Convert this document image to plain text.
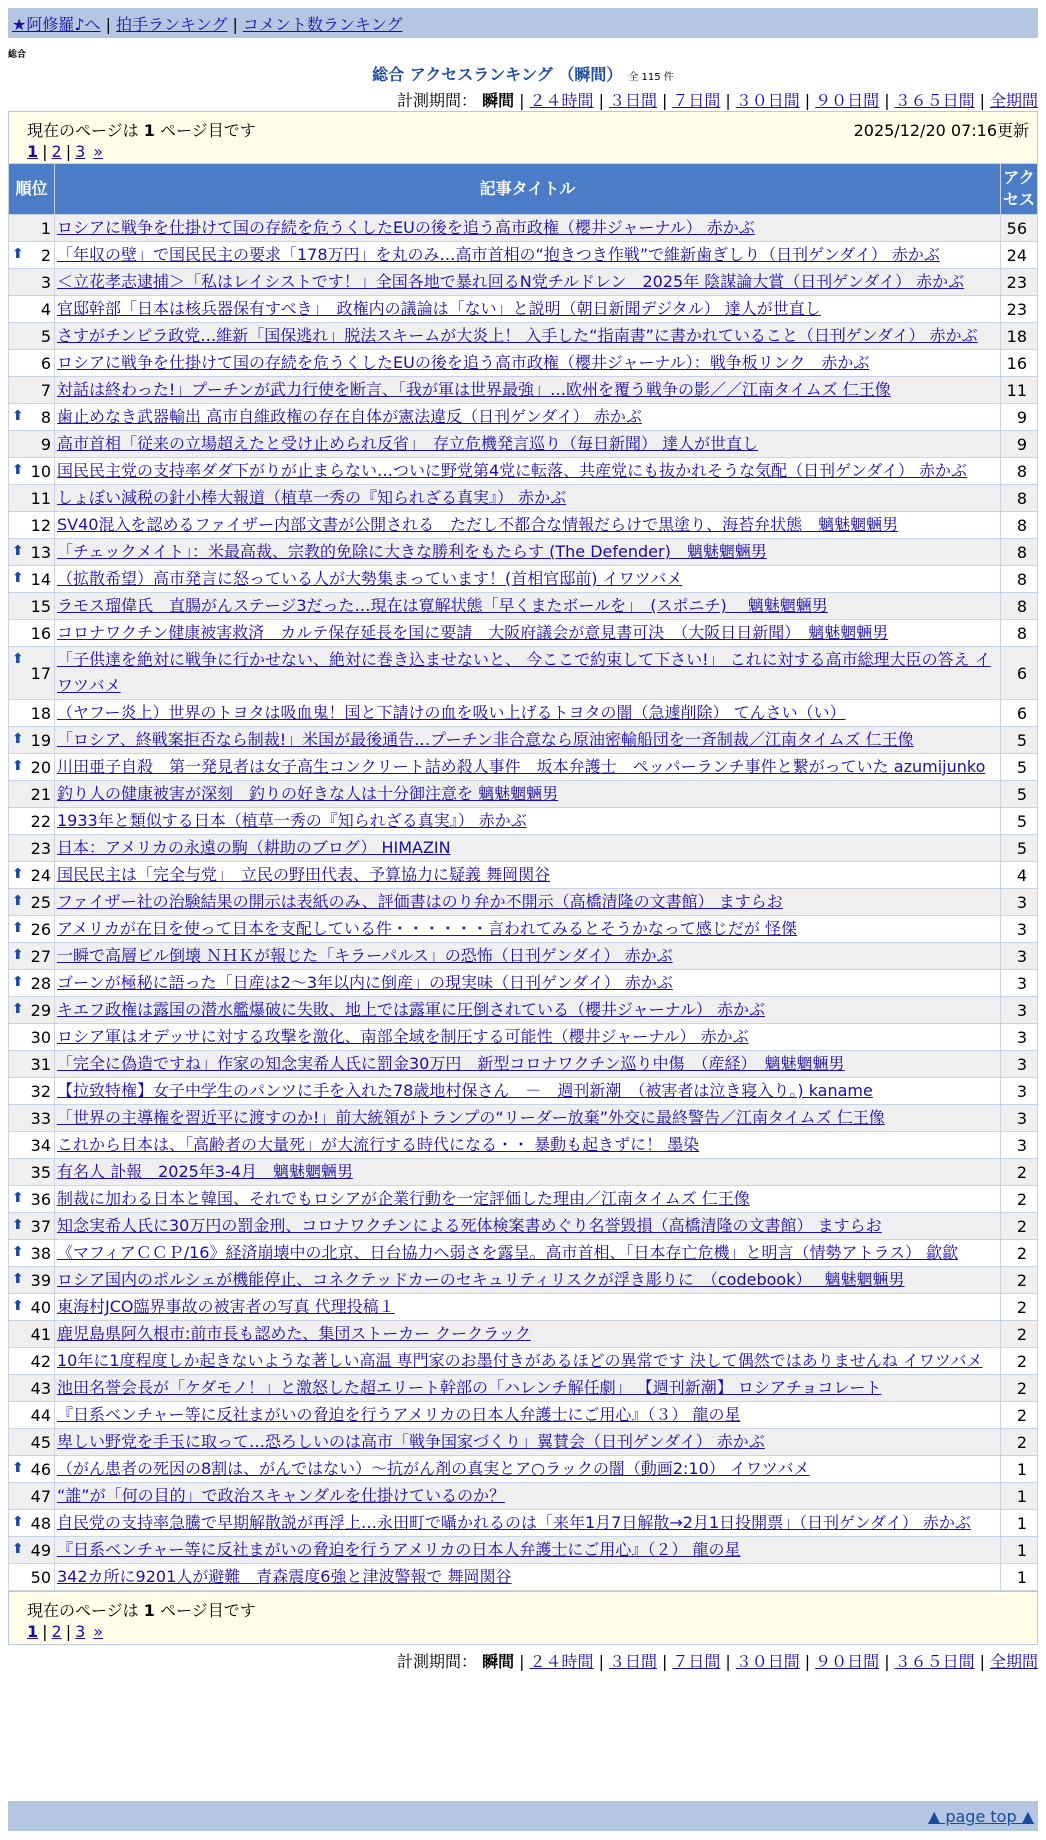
★阿修羅♪へ | 拍手ランキング | コメント数ランキング
総合
総合 アクセスランキング （瞬間） 全 115 件
計測期間： 瞬間 | ２４時間 | ３日間 | ７日間 | ３０日間 | ９０日間 | ３６５日間 | 全期間
現在のページは 1 ページ目です	2025/12/20 07:16更新
1 | 2 | 3 »
順位	記事タイトル	アクセス
1	ロシアに戦争を仕掛けて国の存続を危うくしたEUの後を追う高市政権（櫻井ジャーナル） 赤かぶ	56

⬆ 2	「年収の壁」で国民民主の要求「178万円」を丸のみ…高市首相の“抱きつき作戦”で維新歯ぎしり（日刊ゲンダイ） 赤かぶ	24
3	＜立花孝志逮捕＞「私はレイシストです！」全国各地で暴れ回るN党チルドレン　2025年 陰謀論大賞（日刊ゲンダイ） 赤かぶ	23
4	官邸幹部「日本は核兵器保有すべき」　政権内の議論は「ない」と説明（朝日新聞デジタル） 達人が世直し	23
5	さすがチンピラ政党…維新「国保逃れ」脱法スキームが大炎上！ 入手した“指南書”に書かれていること（日刊ゲンダイ） 赤かぶ	18
6	ロシアに戦争を仕掛けて国の存続を危うくしたEUの後を追う高市政権（櫻井ジャーナル）：戦争板リンク　赤かぶ	16
7	対話は終わった!」プーチンが武力行使を断言、「我が軍は世界最強」…欧州を覆う戦争の影／／江南タイムズ 仁王像	11

⬆ 8	歯止めなき武器輸出 高市自維政権の存在自体が憲法違反（日刊ゲンダイ） 赤かぶ	9
9	高市首相「従来の立場超えたと受け止められ反省」　存立危機発言巡り（毎日新聞） 達人が世直し	9

⬆ 10	国民民主党の支持率ダダ下がりが止まらない…ついに野党第4党に転落、共産党にも抜かれそうな気配（日刊ゲンダイ） 赤かぶ	8
11	しょぼい減税の針小棒大報道（植草一秀の『知られざる真実』） 赤かぶ	8
12	SV40混入を認めるファイザー内部文書が公開される　ただし不都合な情報だらけで黒塗り、海苔弁状態　魑魅魍魎男	8

⬆ 13	「チェックメイト」：米最高裁、宗教的免除に大きな勝利をもたらす (The Defender)　魑魅魍魎男	8

⬆ 14	（拡散希望）高市発言に怒っている人が大勢集まっています！(首相官邸前) イワツバメ	8
15	ラモス瑠偉氏　直腸がんステージ3だった…現在は寛解状態「早くまたボールを」　(スポニチ)　 魑魅魍魎男	8
16	コロナワクチン健康被害救済　カルテ保存延長を国に要請　大阪府議会が意見書可決　（大阪日日新聞）　魑魅魍魎男	8

⬆
17	「子供達を絶対に戦争に行かせない、絶対に巻き込ませないと、 今ここで約束して下さい!」 これに対する高市総理大臣の答え イワツバメ	6
18	（ヤフー炎上）世界のトヨタは吸血鬼！国と下請けの血を吸い上げるトヨタの闇（急遽削除） てんさい（い）	6

⬆ 19	「ロシア、終戦案拒否なら制裁!」米国が最後通告…プーチン非合意なら原油密輸船団を一斉制裁／江南タイムズ 仁王像	5

⬆ 20	川田亜子自殺　第一発見者は女子高生コンクリート詰め殺人事件　坂本弁護士　ペッパーランチ事件と繋がっていた azumijunko	5
21	釣り人の健康被害が深刻　釣りの好きな人は十分御注意を 魑魅魍魎男	5
22	1933年と類似する日本（植草一秀の『知られざる真実』） 赤かぶ	5
23	日本：アメリカの永遠の駒（耕助のブログ） HIMAZIN	5

⬆ 24	国民民主は「完全与党」　立民の野田代表、予算協力に疑義 舞岡関谷	4

⬆ 25	ファイザー社の治験結果の開示は表紙のみ、評価書はのり弁か不開示（高橋清隆の文書館） ますらお	3

⬆ 26	アメリカが在日を使って日本を支配している件・・・・・・言われてみるとそうかなって感じだが 怪傑	3

⬆ 27	一瞬で高層ビル倒壊 ＮＨＫが報じた「キラーパルス」の恐怖（日刊ゲンダイ） 赤かぶ	3

⬆ 28	ゴーンが極秘に語った「日産は2～3年以内に倒産」の現実味（日刊ゲンダイ） 赤かぶ	3

⬆ 29	キエフ政権は露国の潜水艦爆破に失敗、地上では露軍に圧倒されている（櫻井ジャーナル） 赤かぶ	3
30	ロシア軍はオデッサに対する攻撃を激化、南部全域を制圧する可能性（櫻井ジャーナル） 赤かぶ	3
31	「完全に偽造ですね」作家の知念実希人氏に罰金30万円　新型コロナワクチン巡り中傷　（産経）　魑魅魍魎男	3
32	【拉致特権】女子中学生のパンツに手を入れた78歳地村保さん　－　週刊新潮　（被害者は泣き寝入り。) kaname	3
33	「世界の主導権を習近平に渡すのか!」前大統領がトランプの“リーダー放棄”外交に最終警告／江南タイムズ 仁王像	3
34	これから日本は、「高齢者の大量死」が大流行する時代になる・・ 暴動も起きずに！ 墨染	3
35	有名人 訃報　2025年3-4月　魑魅魍魎男	2

⬆ 36	制裁に加わる日本と韓国、それでもロシアが企業行動を一定評価した理由／江南タイムズ 仁王像	2

⬆ 37	知念実希人氏に30万円の罰金刑、コロナワクチンによる死体検案書めぐり名誉毀損（高橋清隆の文書館） ますらお	2

⬆ 38	《マフィアＣＣＰ/16》経済崩壊中の北京、日台協力へ弱さを露呈。高市首相、「日本存亡危機」と明言（情勢アトラス） 歙歙	2

⬆ 39	ロシア国内のポルシェが機能停止、コネクテッドカーのセキュリティリスクが浮き彫りに　（codebook）　 魑魅魍魎男	2

⬆ 40	東海村JCO臨界事故の被害者の写真 代理投稿１	2
41	鹿児島県阿久根市:前市長も認めた、集団ストーカー クークラック	2
42	10年に1度程度しか起きないような著しい高温 専門家のお墨付きがあるほどの異常です 決して偶然ではありませんね イワツバメ	2
43	池田名誉会長が「ケダモノ！」と激怒した超エリート幹部の「ハレンチ解任劇」 【週刊新潮】 ロシアチョコレート	2
44	『日系ベンチャー等に反社まがいの脅迫を行うアメリカの日本人弁護士にご用心』（３） 龍の星	2
45	卑しい野党を手玉に取って…恐ろしいのは高市「戦争国家づくり」翼賛会（日刊ゲンダイ） 赤かぶ	2

⬆ 46	（がん患者の死因の8割は、がんではない）～抗がん剤の真実とア○ラックの闇（動画2:10） イワツバメ	1
47	“誰”が「何の目的」で政治スキャンダルを仕掛けているのか？	1

⬆ 48	自民党の支持率急騰で早期解散説が再浮上…永田町で囁かれるのは「来年1月7日解散→2月1日投開票」（日刊ゲンダイ） 赤かぶ	1

⬆ 49	『日系ベンチャー等に反社まがいの脅迫を行うアメリカの日本人弁護士にご用心』（２） 龍の星	1
50	342カ所に9201人が避難　青森震度6強と津波警報で 舞岡関谷	1
現在のページは 1 ページ目です
1 | 2 | 3 »
計測期間： 瞬間 | ２４時間 | ３日間 | ７日間 | ３０日間 | ９０日間 | ３６５日間 | 全期間
▲ page top ▲
